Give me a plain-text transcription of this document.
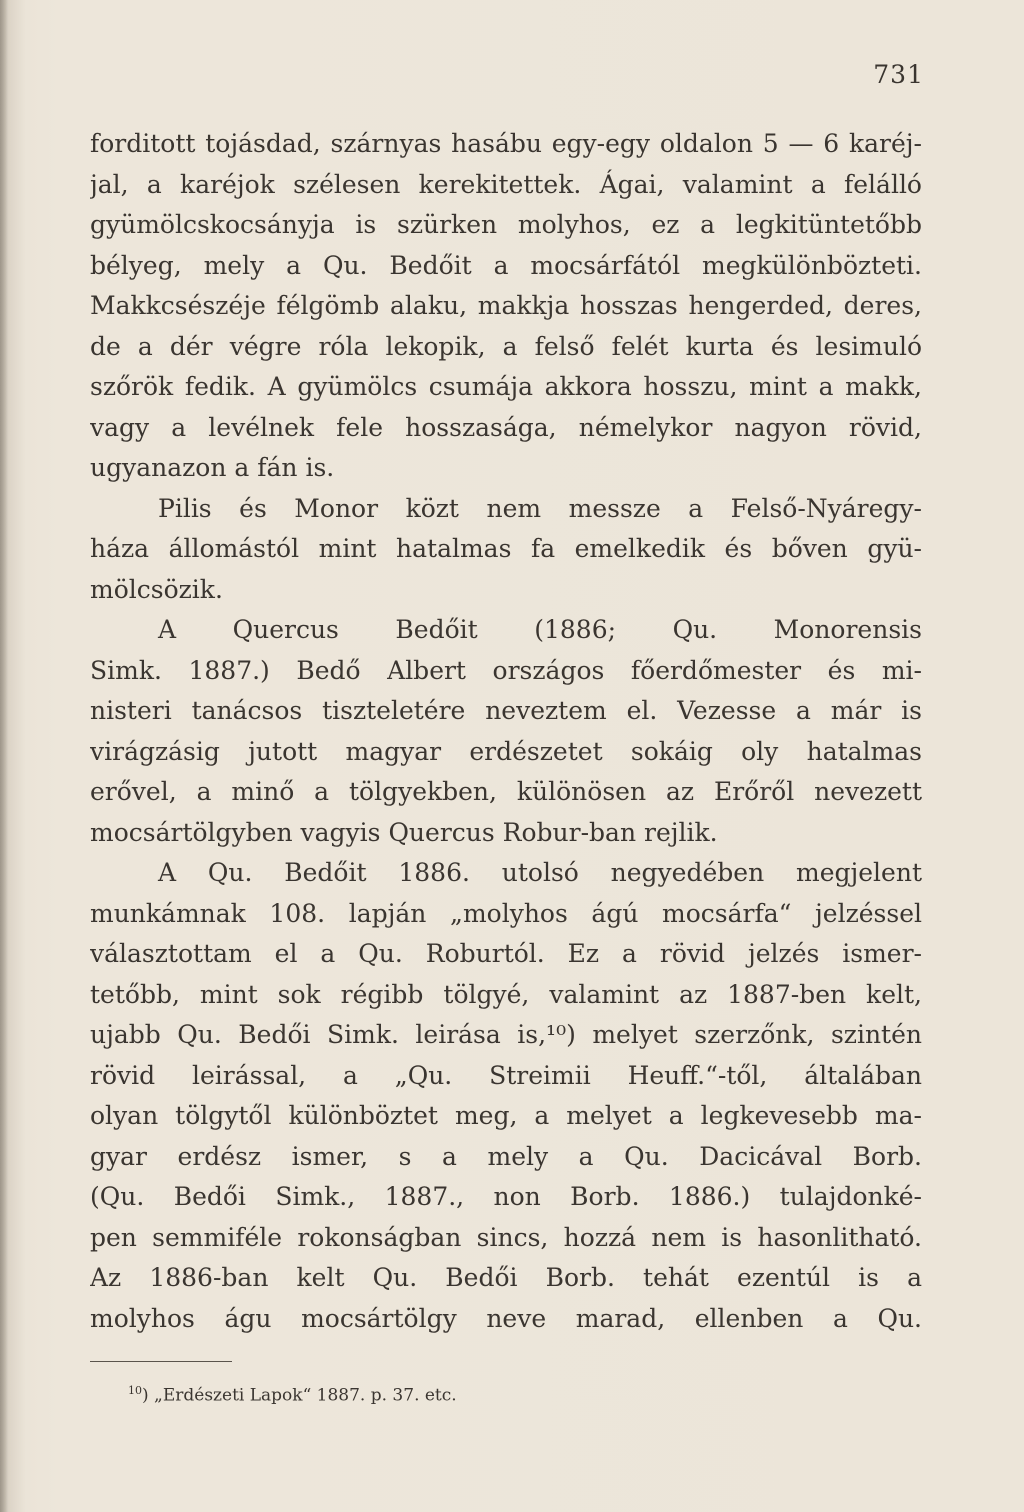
731
forditott tojásdad, szárnyas hasábu egy-egy oldalon 5 — 6 karéj-
jal, a karéjok szélesen kerekitettek. Ágai, valamint a felálló
gyümölcskocsányja is szürken molyhos, ez a legkitüntetőbb
bélyeg, mely a Qu. Bedőit a mocsárfától megkülönbözteti.
Makkcsészéje félgömb alaku, makkja hosszas hengerded, deres,
de a dér végre róla lekopik, a felső felét kurta és lesimuló
szőrök fedik. A gyümölcs csumája akkora hosszu, mint a makk,
vagy a levélnek fele hosszasága, némelykor nagyon rövid,
ugyanazon a fán is.
Pilis és Monor közt nem messze a Felső-Nyáregy-
háza állomástól mint hatalmas fa emelkedik és bőven gyü-
mölcsözik.
A Quercus Bedőit (1886; Qu. Monorensis
Simk. 1887.) Bedő Albert országos főerdőmester és mi-
nisteri tanácsos tiszteletére neveztem el. Vezesse a már is
virágzásig jutott magyar erdészetet sokáig oly hatalmas
erővel, a minő a tölgyekben, különösen az Erőről nevezett
mocsártölgyben vagyis Quercus Robur-ban rejlik.
A Qu. Bedőit 1886. utolsó negyedében megjelent
munkámnak 108. lapján „molyhos ágú mocsárfa“ jelzéssel
választottam el a Qu. Roburtól. Ez a rövid jelzés ismer-
tetőbb, mint sok régibb tölgyé, valamint az 1887-ben kelt,
ujabb Qu. Bedői Simk. leirása is,¹⁰) melyet szerzőnk, szintén
rövid leirással, a „Qu. Streimii Heuff.“-től, általában
olyan tölgytől különböztet meg, a melyet a legkevesebb ma-
gyar erdész ismer, s a mely a Qu. Dacicával Borb.
(Qu. Bedői Simk., 1887., non Borb. 1886.) tulajdonké-
pen semmiféle rokonságban sincs, hozzá nem is hasonlitható.
Az 1886-ban kelt Qu. Bedői Borb. tehát ezentúl is a
molyhos águ mocsártölgy neve marad, ellenben a Qu.
$^{10}$) „Erdészeti Lapok“ 1887. p. 37. etc.
